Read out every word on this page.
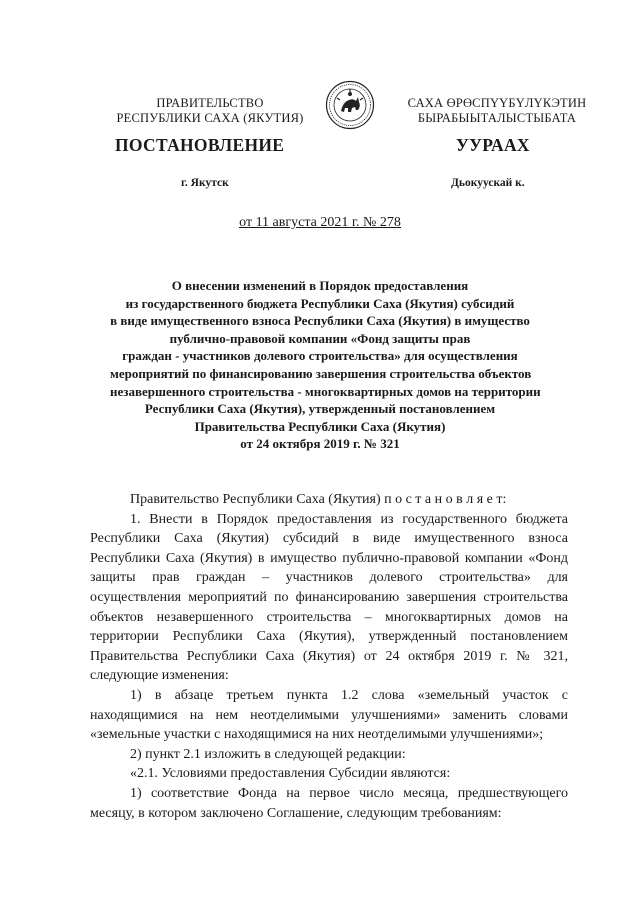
ПРАВИТЕЛЬСТВО
РЕСПУБЛИКИ САХА (ЯКУТИЯ)
САХА ӨРӨСПҮҮБҮЛҮКЭТИН
БЫРАБЫЫТАЛЫСТЫБАТА
ПОСТАНОВЛЕНИЕ	УУРААХ
г. Якутск	Дьокуускай к.
от 11 августа 2021 г. № 278
О внесении изменений в Порядок предоставления
из государственного бюджета Республики Саха (Якутия) субсидий
в виде имущественного взноса Республики Саха (Якутия) в имущество
публично-правовой компании «Фонд защиты прав
граждан - участников долевого строительства» для осуществления
мероприятий по финансированию завершения строительства объектов
незавершенного строительства - многоквартирных домов на территории
Республики Саха (Якутия), утвержденный постановлением
Правительства Республики Саха (Якутия)
от 24 октября 2019 г. № 321

Правительство Республики Саха (Якутия) п о с т а н о в л я е т:

1. Внести в Порядок предоставления из государственного бюджета Республики Саха (Якутия) субсидий в виде имущественного взноса Республики Саха (Якутия) в имущество публично-правовой компании «Фонд защиты прав граждан – участников долевого строительства» для осуществления мероприятий по финансированию завершения строительства объектов незавершенного строительства – многоквартирных домов на территории Республики Саха (Якутия), утвержденный постановлением Правительства Республики Саха (Якутия) от 24 октября 2019 г. № 321, следующие изменения:

1) в абзаце третьем пункта 1.2 слова «земельный участок с находящимися на нем неотделимыми улучшениями» заменить словами «земельные участки с находящимися на них неотделимыми улучшениями»;

2) пункт 2.1 изложить в следующей редакции:

«2.1. Условиями предоставления Субсидии являются:

1) соответствие Фонда на первое число месяца, предшествующего месяцу, в котором заключено Соглашение, следующим требованиям:
